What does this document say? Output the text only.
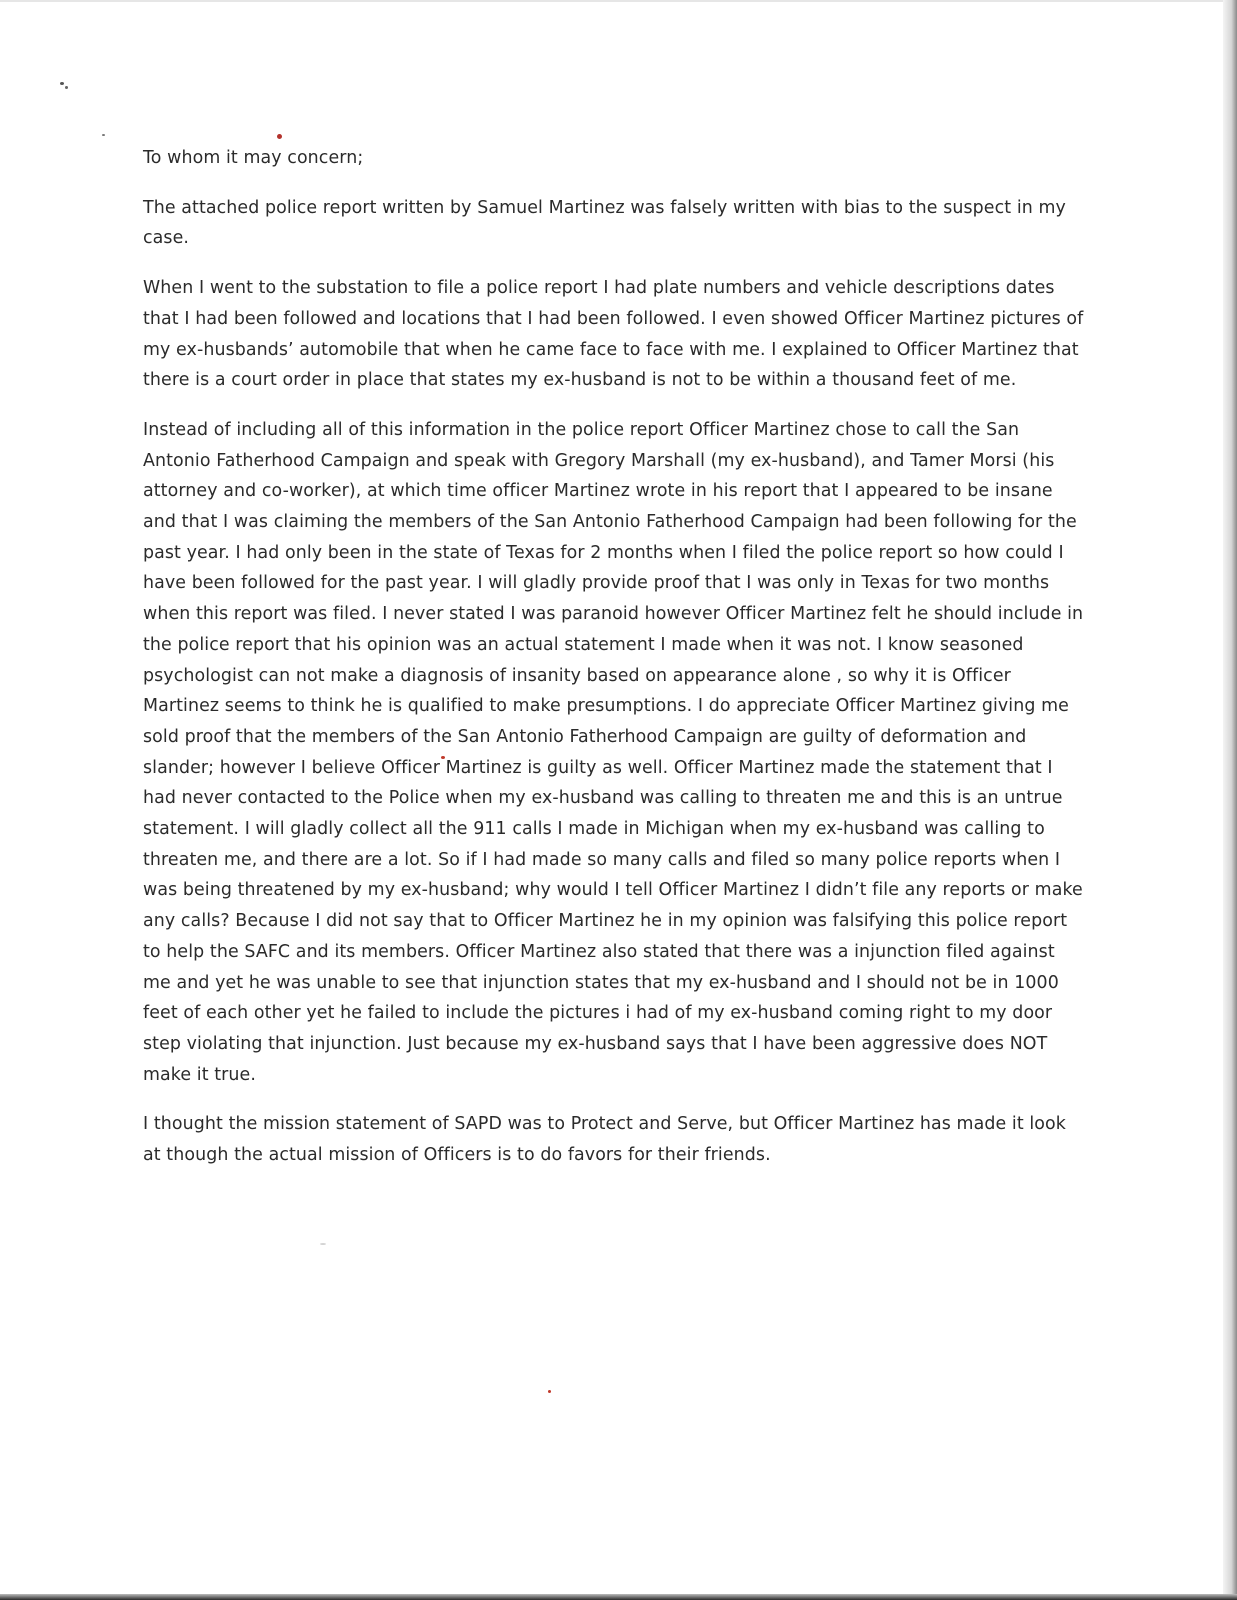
To whom it may concern;

The attached police report written by Samuel Martinez was falsely written with bias to the suspect in my case.

When I went to the substation to file a police report I had plate numbers and vehicle descriptions dates that I had been followed and locations that I had been followed. I even showed Officer Martinez pictures of my ex-husbands’ automobile that when he came face to face with me. I explained to Officer Martinez that there is a court order in place that states my ex-husband is not to be within a thousand feet of me.

Instead of including all of this information in the police report Officer Martinez chose to call the San Antonio Fatherhood Campaign and speak with Gregory Marshall (my ex-husband), and Tamer Morsi (his attorney and co-worker), at which time officer Martinez wrote in his report that I appeared to be insane and that I was claiming the members of the San Antonio Fatherhood Campaign had been following for the past year. I had only been in the state of Texas for 2 months when I filed the police report so how could I have been followed for the past year. I will gladly provide proof that I was only in Texas for two months when this report was filed. I never stated I was paranoid however Officer Martinez felt he should include in the police report that his opinion was an actual statement I made when it was not. I know seasoned psychologist can not make a diagnosis of insanity based on appearance alone , so why it is Officer Martinez seems to think he is qualified to make presumptions. I do appreciate Officer Martinez giving me sold proof that the members of the San Antonio Fatherhood Campaign are guilty of deformation and slander; however I believe Officer Martinez is guilty as well. Officer Martinez made the statement that I had never contacted to the Police when my ex-husband was calling to threaten me and this is an untrue statement. I will gladly collect all the 911 calls I made in Michigan when my ex-husband was calling to threaten me, and there are a lot. So if I had made so many calls and filed so many police reports when I was being threatened by my ex-husband; why would I tell Officer Martinez I didn’t file any reports or make any calls? Because I did not say that to Officer Martinez he in my opinion was falsifying this police report to help the SAFC and its members. Officer Martinez also stated that there was a injunction filed against me and yet he was unable to see that injunction states that my ex-husband and I should not be in 1000 feet of each other yet he failed to include the pictures i had of my ex-husband coming right to my door step violating that injunction. Just because my ex-husband says that I have been aggressive does NOT make it true.

I thought the mission statement of SAPD was to Protect and Serve, but Officer Martinez has made it look at though the actual mission of Officers is to do favors for their friends.
